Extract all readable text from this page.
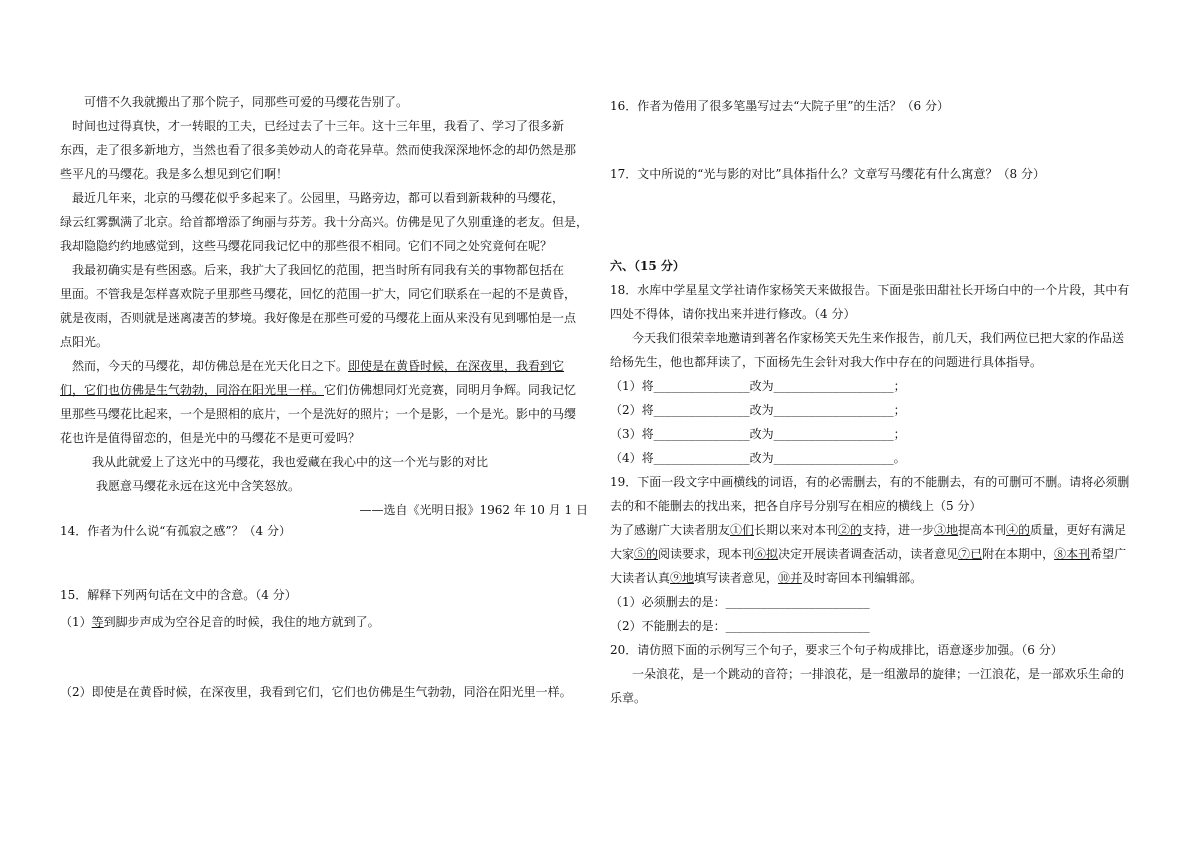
可惜不久我就搬出了那个院子，同那些可爱的马缨花告别了。
时间也过得真快，才一转眼的工夫，已经过去了十三年。这十三年里，我看了、学习了很多新
东西，走了很多新地方，当然也看了很多美妙动人的奇花异草。然而使我深深地怀念的却仍然是那
些平凡的马缨花。我是多么想见到它们啊！
最近几年来，北京的马缨花似乎多起来了。公园里，马路旁边，都可以看到新栽种的马缨花，
绿云红雾飘满了北京。给首都增添了绚丽与芬芳。我十分高兴。仿佛是见了久别重逢的老友。但是，
我却隐隐约约地感觉到，这些马缨花同我记忆中的那些很不相同。它们不同之处究竟何在呢？
我最初确实是有些困惑。后来，我扩大了我回忆的范围，把当时所有同我有关的事物都包括在
里面。不管我是怎样喜欢院子里那些马缨花，回忆的范围一扩大，同它们联系在一起的不是黄昏，
就是夜雨，否则就是迷离凄苦的梦境。我好像是在那些可爱的马缨花上面从来没有见到哪怕是一点
点阳光。
然而，今天的马缨花，却仿佛总是在光天化日之下。即使是在黄昏时候，在深夜里，我看到它
们，它们也仿佛是生气勃勃，同浴在阳光里一样。它们仿佛想同灯光竞赛，同明月争辉。同我记忆
里那些马缨花比起来，一个是照相的底片，一个是洗好的照片；一个是影，一个是光。影中的马缨
花也许是值得留恋的，但是光中的马缨花不是更可爱吗？
我从此就爱上了这光中的马缨花，我也爱藏在我心中的这一个光与影的对比
我愿意马缨花永远在这光中含笑怒放。
——选自《光明日报》1962 年 10 月 1 日
14．作者为什么说“有孤寂之感”？（4 分）
15．解释下列两句话在文中的含意。（4 分）
（1）等到脚步声成为空谷足音的时候，我住的地方就到了。
（2）即使是在黄昏时候，在深夜里，我看到它们，它们也仿佛是生气勃勃，同浴在阳光里一样。
16．作者为倦用了很多笔墨写过去“大院子里”的生活？（6 分）
17．文中所说的“光与影的对比”具体指什么？文章写马缨花有什么寓意？（8 分）
六、（15 分）
18．水库中学星星文学社请作家杨笑天来做报告。下面是张田甜社长开场白中的一个片段，其中有
四处不得体，请你找出来并进行修改。（4 分）
今天我们很荣幸地邀请到著名作家杨笑天先生来作报告，前几天，我们两位已把大家的作品送
给杨先生，他也都拜读了，下面杨先生会针对我大作中存在的问题进行具体指导。
（1）将________________改为____________________；
（2）将________________改为____________________；
（3）将________________改为____________________；
（4）将________________改为____________________。
19．下面一段文字中画横线的词语，有的必需删去，有的不能删去，有的可删可不删。请将必须删
去的和不能删去的找出来，把各自序号分别写在相应的横线上（5 分）
为了感谢广大读者朋友①们长期以来对本刊②的支持，进一步③地提高本刊④的质量，更好有满足
大家⑤的阅读要求，现本刊⑥拟决定开展读者调查活动，读者意见⑦已附在本期中，⑧本刊希望广
大读者认真⑨地填写读者意见，⑩并及时寄回本刊编辑部。
（1）必须删去的是：________________________
（2）不能删去的是：________________________
20．请仿照下面的示例写三个句子，要求三个句子构成排比，语意逐步加强。（6 分）
一朵浪花，是一个跳动的音符；一排浪花，是一组激昂的旋律；一江浪花，是一部欢乐生命的
乐章。
